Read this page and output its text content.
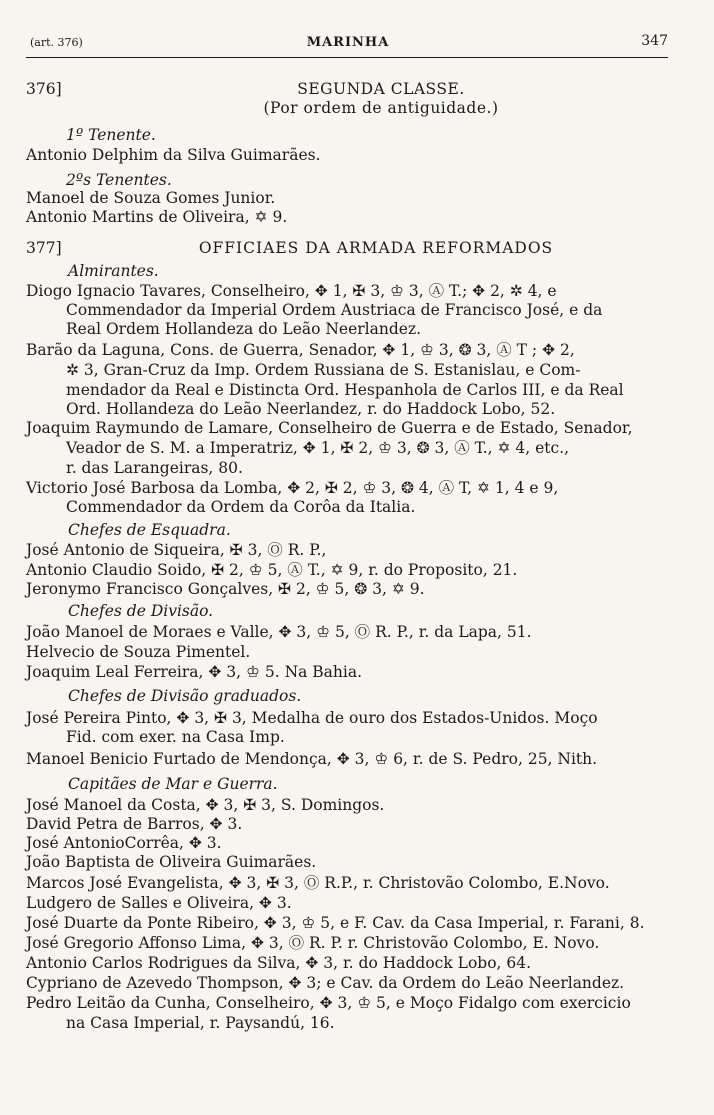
(art. 376)	MARINHA	347
376]	SEGUNDA CLASSE.
(Por ordem de antiguidade.)
1º Tenente.
Antonio Delphim da Silva Guimarães.
2ºs Tenentes.
Manoel de Souza Gomes Junior.
Antonio Martins de Oliveira, ✡ 9.
Almirantes.
Diogo Ignacio Tavares, Conselheiro, ✥ 1, ✠ 3, ♔ 3, Ⓐ T.; ✥ 2, ✲ 4, e
Commendador da Imperial Ordem Austriaca de Francisco José, e da
Real Ordem Hollandeza do Leão Neerlandez.
Barão da Laguna, Cons. de Guerra, Senador, ✥ 1, ♔ 3, ❂ 3, Ⓐ T ; ✥ 2,
✲ 3, Gran-Cruz da Imp. Ordem Russiana de S. Estanislau, e Com-
mendador da Real e Distincta Ord. Hespanhola de Carlos III, e da Real
Ord. Hollandeza do Leão Neerlandez, r. do Haddock Lobo, 52.
Joaquim Raymundo de Lamare, Conselheiro de Guerra e de Estado, Senador,
Veador de S. M. a Imperatriz, ✥ 1, ✠ 2, ♔ 3, ❂ 3, Ⓐ T., ✡ 4, etc.,
r. das Larangeiras, 80.
Victorio José Barbosa da Lomba, ✥ 2, ✠ 2, ♔ 3, ❂ 4, Ⓐ T, ✡ 1, 4 e 9,
Commendador da Ordem da Corôa da Italia.
Chefes de Esquadra.
José Antonio de Siqueira, ✠ 3, Ⓞ R. P.,
Antonio Claudio Soido, ✠ 2, ♔ 5, Ⓐ T., ✡ 9, r. do Proposito, 21.
Jeronymo Francisco Gonçalves, ✠ 2, ♔ 5, ❂ 3, ✡ 9.
Chefes de Divisão.
João Manoel de Moraes e Valle, ✥ 3, ♔ 5, Ⓞ R. P., r. da Lapa, 51.
Helvecio de Souza Pimentel.
Joaquim Leal Ferreira, ✥ 3, ♔ 5. Na Bahia.
Chefes de Divisão graduados.
José Pereira Pinto, ✥ 3, ✠ 3, Medalha de ouro dos Estados-Unidos. Moço
Fid. com exer. na Casa Imp.
Manoel Benicio Furtado de Mendonça, ✥ 3, ♔ 6, r. de S. Pedro, 25, Nith.
Capitães de Mar e Guerra.
José Manoel da Costa, ✥ 3, ✠ 3, S. Domingos.
David Petra de Barros, ✥ 3.
José AntonioCorrêa, ✥ 3.
João Baptista de Oliveira Guimarães.
Marcos José Evangelista, ✥ 3, ✠ 3, Ⓞ R.P., r. Christovão Colombo, E.Novo.
Ludgero de Salles e Oliveira, ✥ 3.
José Duarte da Ponte Ribeiro, ✥ 3, ♔ 5, e F. Cav. da Casa Imperial, r. Farani, 8.
José Gregorio Affonso Lima, ✥ 3, Ⓞ R. P. r. Christovão Colombo, E. Novo.
Antonio Carlos Rodrigues da Silva, ✥ 3, r. do Haddock Lobo, 64.
Cypriano de Azevedo Thompson, ✥ 3; e Cav. da Ordem do Leão Neerlandez.
Pedro Leitão da Cunha, Conselheiro, ✥ 3, ♔ 5, e Moço Fidalgo com exercicio
na Casa Imperial, r. Paysandú, 16.
377]	OFFICIAES DA ARMADA REFORMADOS
